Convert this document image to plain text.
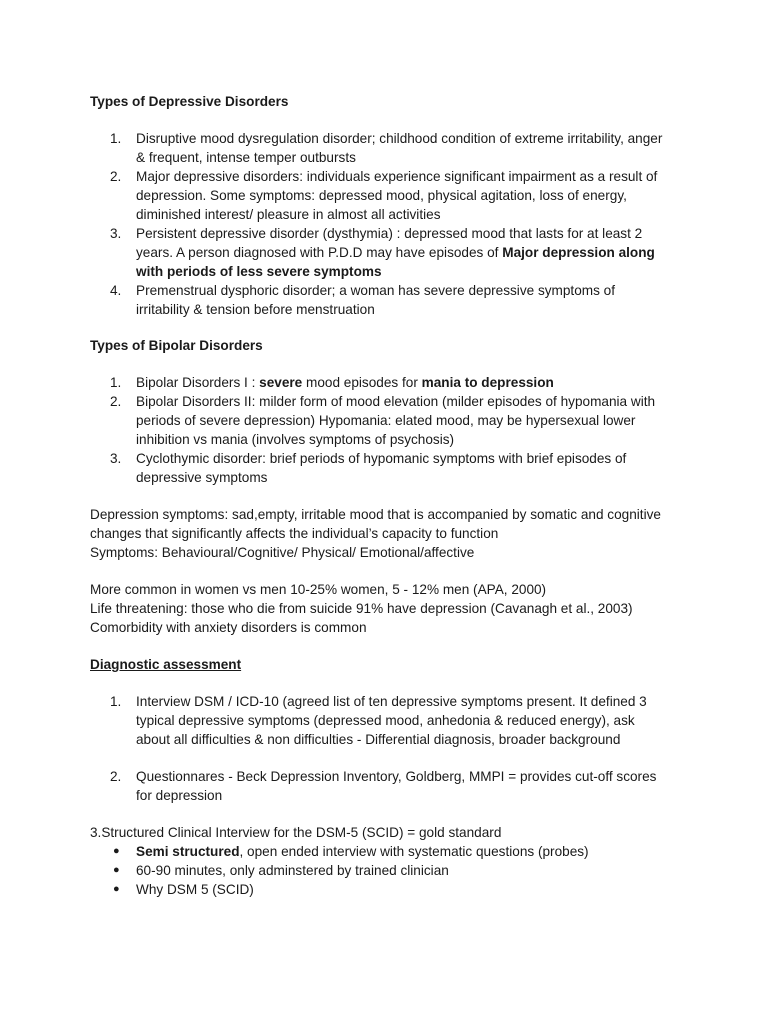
Types of Depressive Disorders
1. Disruptive mood dysregulation disorder; childhood condition of extreme irritability, anger
& frequent, intense temper outbursts
2. Major depressive disorders: individuals experience significant impairment as a result of
depression. Some symptoms: depressed mood, physical agitation, loss of energy,
diminished interest/ pleasure in almost all activities
3. Persistent depressive disorder (dysthymia) : depressed mood that lasts for at least 2
years. A person diagnosed with P.D.D may have episodes of Major depression along
with periods of less severe symptoms
4. Premenstrual dysphoric disorder; a woman has severe depressive symptoms of
irritability & tension before menstruation
Types of Bipolar Disorders
1. Bipolar Disorders I : severe mood episodes for mania to depression
2. Bipolar Disorders II: milder form of mood elevation (milder episodes of hypomania with
periods of severe depression) Hypomania: elated mood, may be hypersexual lower
inhibition vs mania (involves symptoms of psychosis)
3. Cyclothymic disorder: brief periods of hypomanic symptoms with brief episodes of
depressive symptoms
Depression symptoms: sad,empty, irritable mood that is accompanied by somatic and cognitive
changes that significantly affects the individual’s capacity to function
Symptoms: Behavioural/Cognitive/ Physical/ Emotional/affective
More common in women vs men 10-25% women, 5 - 12% men (APA, 2000)
Life threatening: those who die from suicide 91% have depression (Cavanagh et al., 2003)
Comorbidity with anxiety disorders is common
Diagnostic assessment
1. Interview DSM / ICD-10 (agreed list of ten depressive symptoms present. It defined 3
typical depressive symptoms (depressed mood, anhedonia & reduced energy), ask
about all difficulties & non difficulties - Differential diagnosis, broader background
2. Questionnares - Beck Depression Inventory, Goldberg, MMPI = provides cut-off scores
for depression
3.Structured Clinical Interview for the DSM-5 (SCID) = gold standard
● Semi structured, open ended interview with systematic questions (probes)
● 60-90 minutes, only adminstered by trained clinician
● Why DSM 5 (SCID)
